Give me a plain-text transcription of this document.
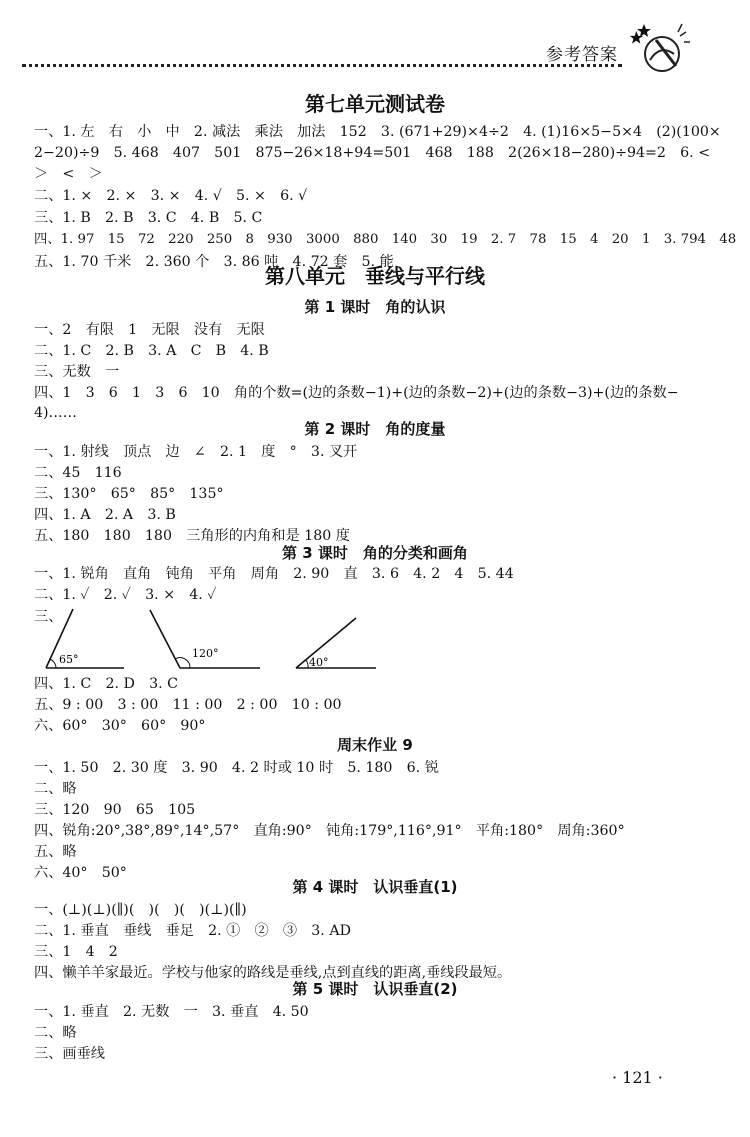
参考答案
第七单元测试卷
一、1. 左　右　小　中　2. 减法　乘法　加法　152　3. (671+29)×4÷2　4. (1)16×5−5×4　(2)(100×
2−20)÷9　5. 468　407　501　875−26×18+94=501　468　188　2(26×18−280)÷94=2　6. <
＞　<　＞
二、1. ×　2. ×　3. ×　4. √　5. ×　6. √
三、1. B　2. B　3. C　4. B　5. C
四、1. 97　15　72　220　250　8　930　3000　880　140　30　19　2. 7　78　15　4　20　1　3. 794　48
五、1. 70 千米　2. 360 个　3. 86 吨　4. 72 套　5. 能
第八单元　垂线与平行线
第 1 课时　角的认识
一、2　有限　1　无限　没有　无限
二、1. C　2. B　3. A　C　B　4. B
三、无数　一
四、1　3　6　1　3　6　10　角的个数=(边的条数−1)+(边的条数−2)+(边的条数−3)+(边的条数−
4)……
第 2 课时　角的度量
一、1. 射线　顶点　边　∠　2. 1　度　°　3. 叉开
二、45　116
三、130°　65°　85°　135°
四、1. A　2. A　3. B
五、180　180　180　三角形的内角和是 180 度
第 3 课时　角的分类和画角
一、1. 锐角　直角　钝角　平角　周角　2. 90　直　3. 6　4. 2　4　5. 44
二、1. ✓　2. ✓　3. ×　4. ✓
三、
65°	120°
40°
四、1. C　2. D　3. C
五、9 : 00　3 : 00　11 : 00　2 : 00　10 : 00
六、60°　30°　60°　90°
周末作业 9
一、1. 50　2. 30 度　3. 90　4. 2 时或 10 时　5. 180　6. 锐
二、略
三、120　90　65　105
四、锐角:20°,38°,89°,14°,57°　直角:90°　钝角:179°,116°,91°　平角:180°　周角:360°
五、略
六、40°　50°
第 4 课时　认识垂直(1)
一、(⊥)(⊥)(∥)(　)(　)(　)(⊥)(∥)
二、1. 垂直　垂线　垂足　2. ①　②　③　3. AD
三、1　4　2
四、懒羊羊家最近。学校与他家的路线是垂线,点到直线的距离,垂线段最短。
第 5 课时　认识垂直(2)
一、1. 垂直　2. 无数　一　3. 垂直　4. 50
二、略
三、画垂线
· 121 ·
